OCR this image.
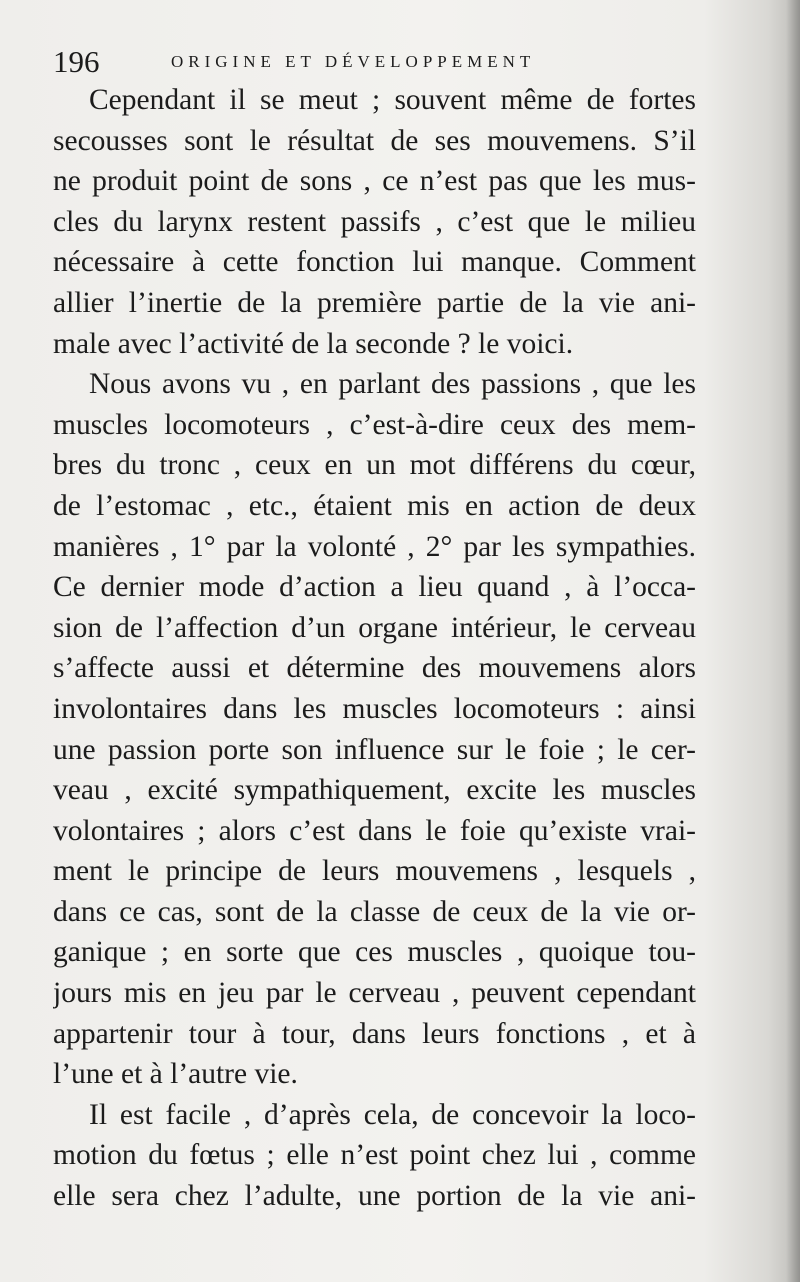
196	ORIGINE ET DÉVELOPPEMENT
Cependant il se meut ; souvent même de fortes
secousses sont le résultat de ses mouvemens. S’il
ne produit point de sons , ce n’est pas que les mus-
cles du larynx restent passifs , c’est que le milieu
nécessaire à cette fonction lui manque. Comment
allier l’inertie de la première partie de la vie ani-
male avec l’activité de la seconde ? le voici.
Nous avons vu , en parlant des passions , que les
muscles locomoteurs , c’est-à-dire ceux des mem-
bres du tronc , ceux en un mot différens du cœur,
de l’estomac , etc., étaient mis en action de deux
manières , 1° par la volonté , 2° par les sympathies.
Ce dernier mode d’action a lieu quand , à l’occa-
sion de l’affection d’un organe intérieur, le cerveau
s’affecte aussi et détermine des mouvemens alors
involontaires dans les muscles locomoteurs : ainsi
une passion porte son influence sur le foie ; le cer-
veau , excité sympathiquement, excite les muscles
volontaires ; alors c’est dans le foie qu’existe vrai-
ment le principe de leurs mouvemens , lesquels ,
dans ce cas, sont de la classe de ceux de la vie or-
ganique ; en sorte que ces muscles , quoique tou-
jours mis en jeu par le cerveau , peuvent cependant
appartenir tour à tour, dans leurs fonctions , et à
l’une et à l’autre vie.
Il est facile , d’après cela, de concevoir la loco-
motion du fœtus ; elle n’est point chez lui , comme
elle sera chez l’adulte, une portion de la vie ani-
